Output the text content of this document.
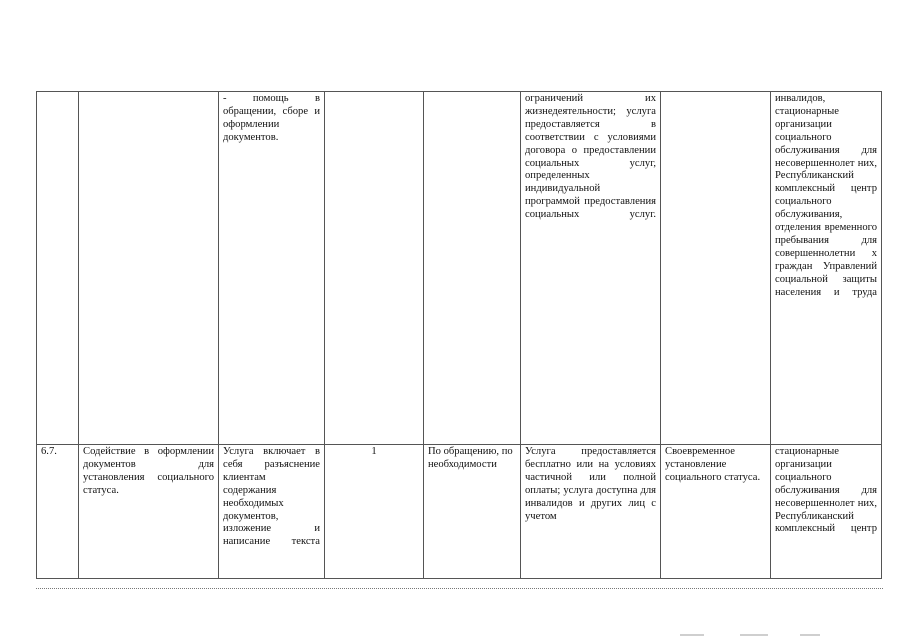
		- помощь в обращении, сборе и оформлении документов.			ограничений их жизнедеятельности; услуга предоставляется в соответствии с условиями договора о предоставлении социальных услуг, определенных индивидуальной программой предоставления социальных услуг.		инвалидов, стационарные организации социального обслуживания для несовершеннолет них, Республиканский комплексный центр социального обслуживания, отделения временного пребывания для совершеннолетни х граждан Управлений социальной защиты населения и труда

6.7.	Содействие в оформлении документов для установления социального статуса.	Услуга включает в себя разъяснение клиентам содержания необходимых документов, изложение и написание текста	1	По обращению, по необходимости	Услуга предоставляется бесплатно или на условиях частичной или полной оплаты; услуга доступна для инвалидов и других лиц с учетом	Своевременное установление социального статуса.	стационарные организации социального обслуживания для несовершеннолет них, Республиканский комплексный центр
